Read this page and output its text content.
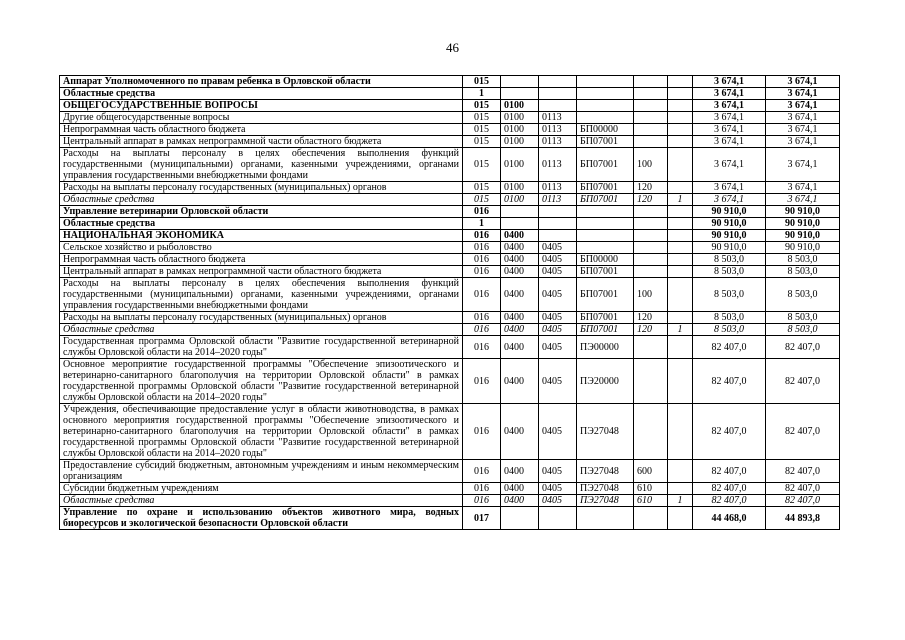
46
Аппарат Уполномоченного по правам ребенка в Орловской области	015						3 674,1	3 674,1
Областные средства	1						3 674,1	3 674,1
ОБЩЕГОСУДАРСТВЕННЫЕ ВОПРОСЫ	015	0100					3 674,1	3 674,1
Другие общегосударственные вопросы	015	0100	0113				3 674,1	3 674,1
Непрограммная часть областного бюджета	015	0100	0113	БП00000			3 674,1	3 674,1
Центральный аппарат в рамках непрограммной части областного бюджета	015	0100	0113	БП07001			3 674,1	3 674,1
Расходы на выплаты персоналу в целях обеспечения выполнения функций государственными (муниципальными) органами, казенными учреждениями, органами управления государственными внебюджетными фондами	015	0100	0113	БП07001	100		3 674,1	3 674,1
Расходы на выплаты персоналу государственных (муниципальных) органов	015	0100	0113	БП07001	120		3 674,1	3 674,1
Областные средства	015	0100	0113	БП07001	120	1	3 674,1	3 674,1
Управление ветеринарии Орловской области	016						90 910,0	90 910,0
Областные средства	1						90 910,0	90 910,0
НАЦИОНАЛЬНАЯ ЭКОНОМИКА	016	0400					90 910,0	90 910,0
Сельское хозяйство и рыболовство	016	0400	0405				90 910,0	90 910,0
Непрограммная часть областного бюджета	016	0400	0405	БП00000			8 503,0	8 503,0
Центральный аппарат в рамках непрограммной части областного бюджета	016	0400	0405	БП07001			8 503,0	8 503,0
Расходы на выплаты персоналу в целях обеспечения выполнения функций государственными (муниципальными) органами, казенными учреждениями, органами управления государственными внебюджетными фондами	016	0400	0405	БП07001	100		8 503,0	8 503,0
Расходы на выплаты персоналу государственных (муниципальных) органов	016	0400	0405	БП07001	120		8 503,0	8 503,0
Областные средства	016	0400	0405	БП07001	120	1	8 503,0	8 503,0
Государственная программа Орловской области "Развитие государственной ветеринарной службы Орловской области на 2014–2020 годы"	016	0400	0405	ПЭ00000			82 407,0	82 407,0
Основное мероприятие государственной программы "Обеспечение эпизоотического и ветеринарно-санитарного благополучия на территории Орловской области" в рамках государственной программы Орловской области "Развитие государственной ветеринарной службы Орловской области на 2014–2020 годы"	016	0400	0405	ПЭ20000			82 407,0	82 407,0
Учреждения, обеспечивающие предоставление услуг в области животноводства, в рамках основного мероприятия государственной программы "Обеспечение эпизоотического и ветеринарно-санитарного благополучия на территории Орловской области" в рамках государственной программы Орловской области "Развитие государственной ветеринарной службы Орловской области на 2014–2020 годы"	016	0400	0405	ПЭ27048			82 407,0	82 407,0
Предоставление субсидий бюджетным, автономным учреждениям и иным некоммерческим организациям	016	0400	0405	ПЭ27048	600		82 407,0	82 407,0
Субсидии бюджетным учреждениям	016	0400	0405	ПЭ27048	610		82 407,0	82 407,0
Областные средства	016	0400	0405	ПЭ27048	610	1	82 407,0	82 407,0
Управление по охране и использованию объектов животного мира, водных биоресурсов и экологической безопасности Орловской области	017						44 468,0	44 893,8
